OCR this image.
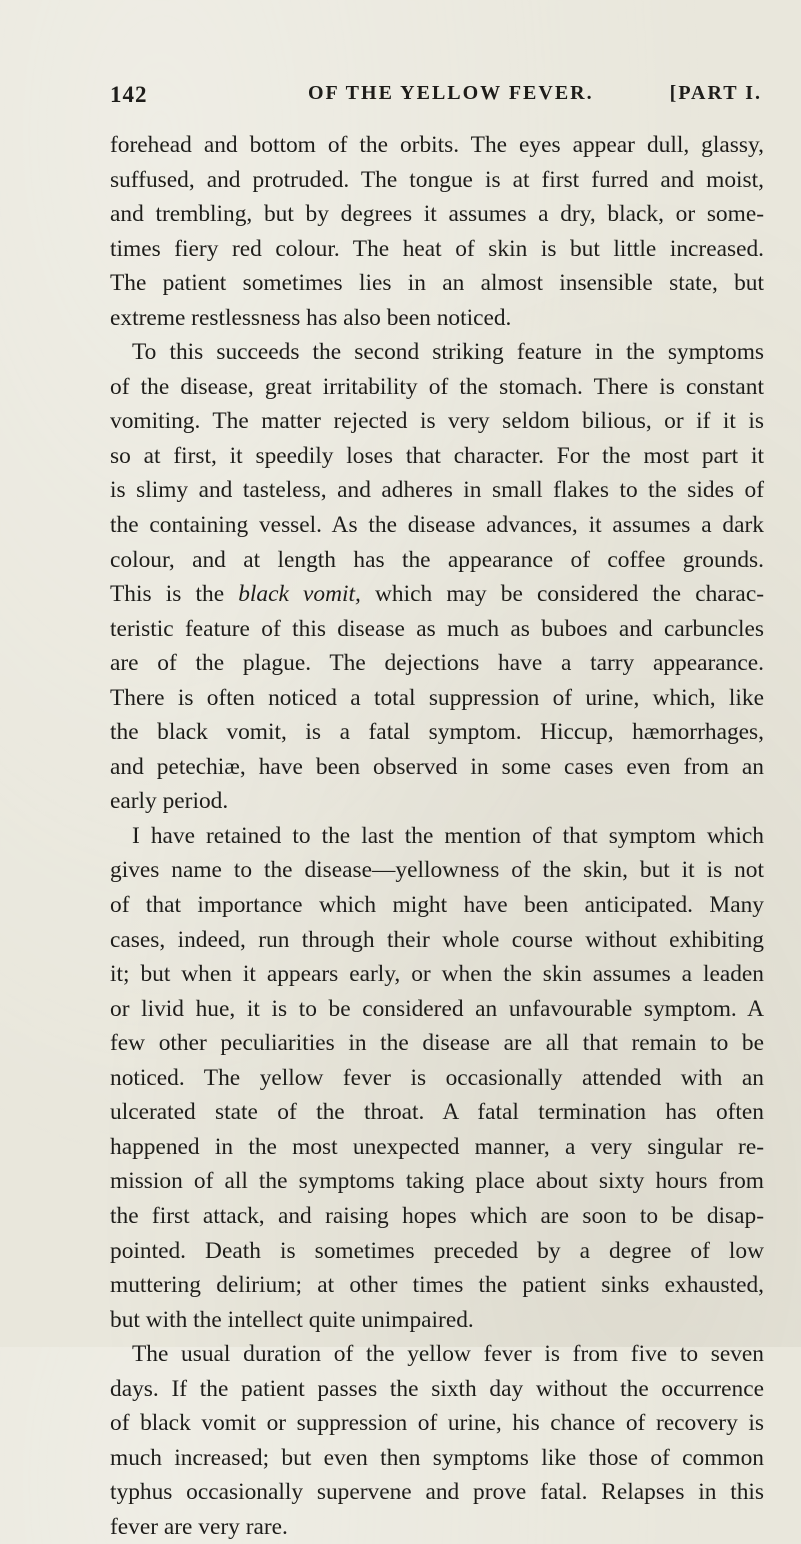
142	OF THE YELLOW FEVER.	[PART I.
forehead and bottom of the orbits. The eyes appear dull, glassy,
suffused, and protruded. The tongue is at first furred and moist,
and trembling, but by degrees it assumes a dry, black, or some-
times fiery red colour. The heat of skin is but little increased.
The patient sometimes lies in an almost insensible state, but
extreme restlessness has also been noticed.
To this succeeds the second striking feature in the symptoms
of the disease, great irritability of the stomach. There is constant
vomiting. The matter rejected is very seldom bilious, or if it is
so at first, it speedily loses that character. For the most part it
is slimy and tasteless, and adheres in small flakes to the sides of
the containing vessel. As the disease advances, it assumes a dark
colour, and at length has the appearance of coffee grounds.
This is the black vomit, which may be considered the charac-
teristic feature of this disease as much as buboes and carbuncles
are of the plague. The dejections have a tarry appearance.
There is often noticed a total suppression of urine, which, like
the black vomit, is a fatal symptom. Hiccup, hæmorrhages,
and petechiæ, have been observed in some cases even from an
early period.
I have retained to the last the mention of that symptom which
gives name to the disease—yellowness of the skin, but it is not
of that importance which might have been anticipated. Many
cases, indeed, run through their whole course without exhibiting
it; but when it appears early, or when the skin assumes a leaden
or livid hue, it is to be considered an unfavourable symptom. A
few other peculiarities in the disease are all that remain to be
noticed. The yellow fever is occasionally attended with an
ulcerated state of the throat. A fatal termination has often
happened in the most unexpected manner, a very singular re-
mission of all the symptoms taking place about sixty hours from
the first attack, and raising hopes which are soon to be disap-
pointed. Death is sometimes preceded by a degree of low
muttering delirium; at other times the patient sinks exhausted,
but with the intellect quite unimpaired.
The usual duration of the yellow fever is from five to seven
days. If the patient passes the sixth day without the occurrence
of black vomit or suppression of urine, his chance of recovery is
much increased; but even then symptoms like those of common
typhus occasionally supervene and prove fatal. Relapses in this
fever are very rare.
